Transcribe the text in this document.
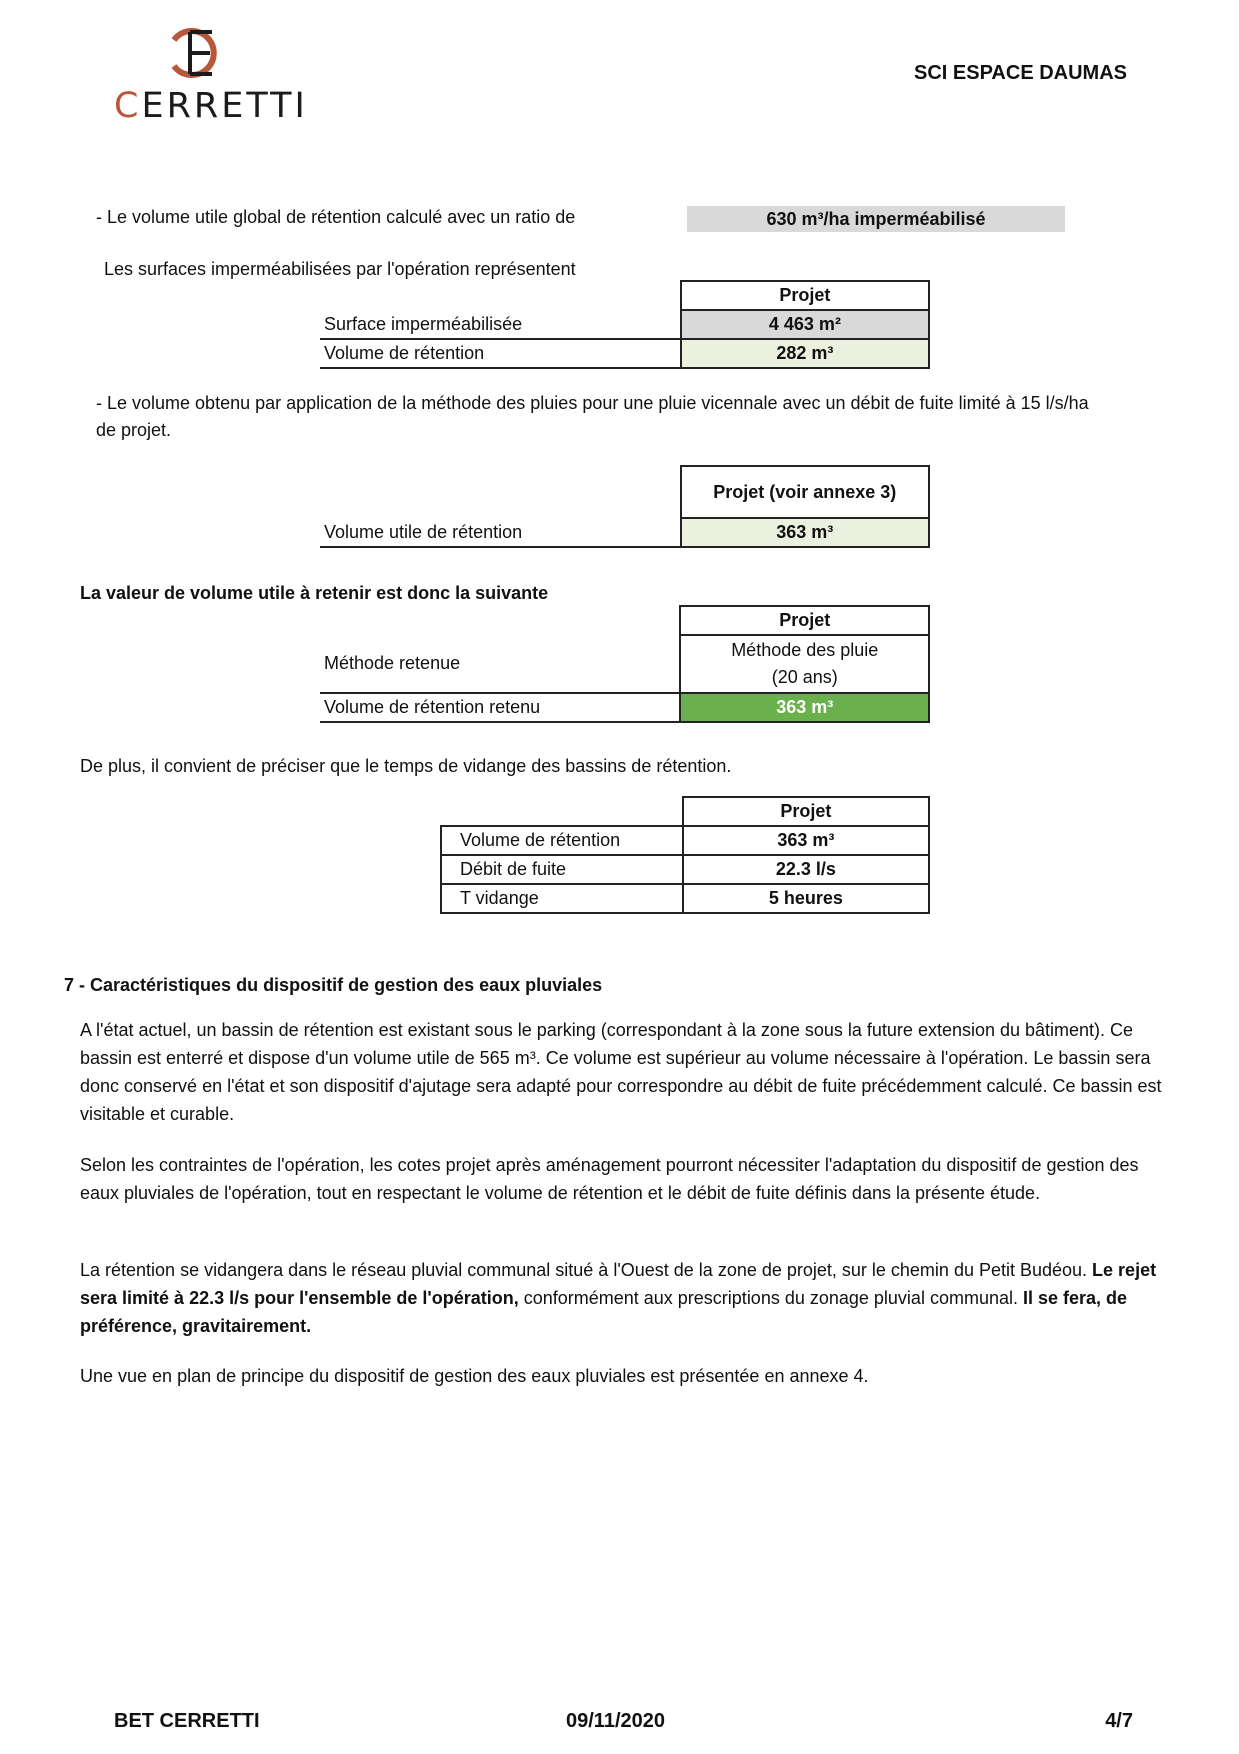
CERRETTI
SCI ESPACE DAUMAS
- Le volume utile global de rétention calculé avec un ratio de	630 m³/ha imperméabilisé
Les surfaces imperméabilisées par l'opération représentent
	Projet
Surface imperméabilisée	4 463 m²
Volume de rétention	282 m³
- Le volume obtenu par application de la méthode des pluies pour une pluie vicennale avec un débit de fuite limité à 15 l/s/ha
de projet.
	Projet (voir annexe 3)
Volume utile de rétention	363 m³
La valeur de volume utile à retenir est donc la suivante
	Projet
Méthode retenue	Méthode des pluie
(20 ans)

Volume de rétention retenu	363 m³
De plus, il convient de préciser que le temps de vidange des bassins de rétention.
	Projet
Volume de rétention	363 m³
Débit de fuite	22.3 l/s
T vidange	5 heures
7 - Caractéristiques du dispositif de gestion des eaux pluviales
A l'état actuel, un bassin de rétention est existant sous le parking (correspondant à la zone sous la future extension du bâtiment). Ce bassin est enterré et dispose d'un volume utile de 565 m³. Ce volume est supérieur au volume nécessaire à l'opération. Le bassin sera donc conservé en l'état et son dispositif d'ajutage sera adapté pour correspondre au débit de fuite précédemment calculé. Ce bassin est visitable et curable.
Selon les contraintes de l'opération, les cotes projet après aménagement pourront nécessiter l'adaptation du dispositif de gestion des eaux pluviales de l'opération, tout en respectant le volume de rétention et le débit de fuite définis dans la présente étude.
La rétention se vidangera dans le réseau pluvial communal situé à l'Ouest de la zone de projet, sur le chemin du Petit Budéou. Le rejet sera limité à 22.3 l/s pour l'ensemble de l'opération, conformément aux prescriptions du zonage pluvial communal. Il se fera, de préférence, gravitairement.
Une vue en plan de principe du dispositif de gestion des eaux pluviales est présentée en annexe 4.
BET CERRETTI	09/11/2020	4/7
